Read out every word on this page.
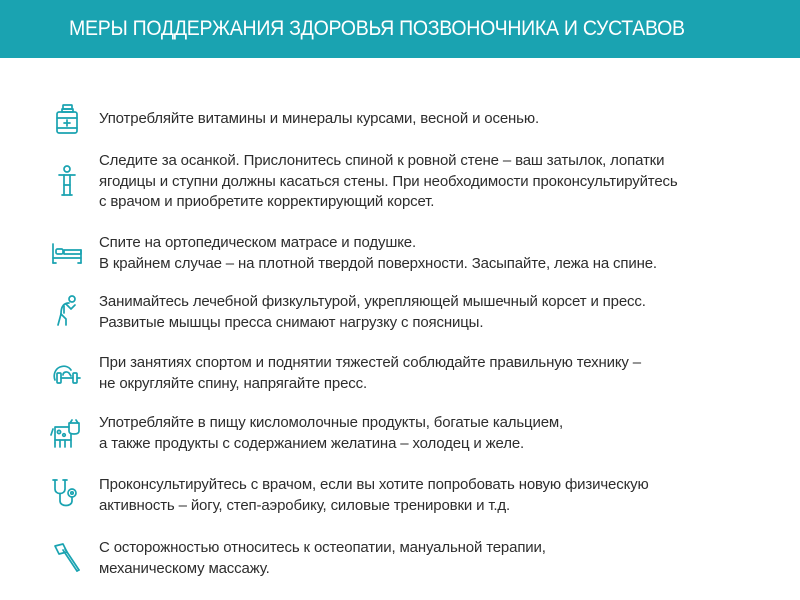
МЕРЫ ПОДДЕРЖАНИЯ ЗДОРОВЬЯ ПОЗВОНОЧНИКА И СУСТАВОВ
Употребляйте витамины и минералы курсами, весной и осенью.
Следите за осанкой. Прислонитесь спиной к ровной стене – ваш затылок, лопатки
ягодицы и ступни должны касаться стены. При необходимости проконсультируйтесь
с врачом и приобретите корректирующий корсет.
Спите на ортопедическом матрасе и подушке.
В крайнем случае – на плотной твердой поверхности. Засыпайте, лежа на спине.
Занимайтесь лечебной физкультурой, укрепляющей мышечный корсет и пресс.
Развитые мышцы пресса снимают нагрузку с поясницы.
При занятиях спортом и поднятии тяжестей соблюдайте правильную технику –
не округляйте спину, напрягайте пресс.
Употребляйте в пищу кисломолочные продукты, богатые кальцием,
а также продукты с содержанием желатина – холодец и желе.
Проконсультируйтесь с врачом, если вы хотите попробовать новую физическую
активность – йогу, степ-аэробику, силовые тренировки и т.д.
С осторожностью относитесь к остеопатии, мануальной терапии,
механическому массажу.
